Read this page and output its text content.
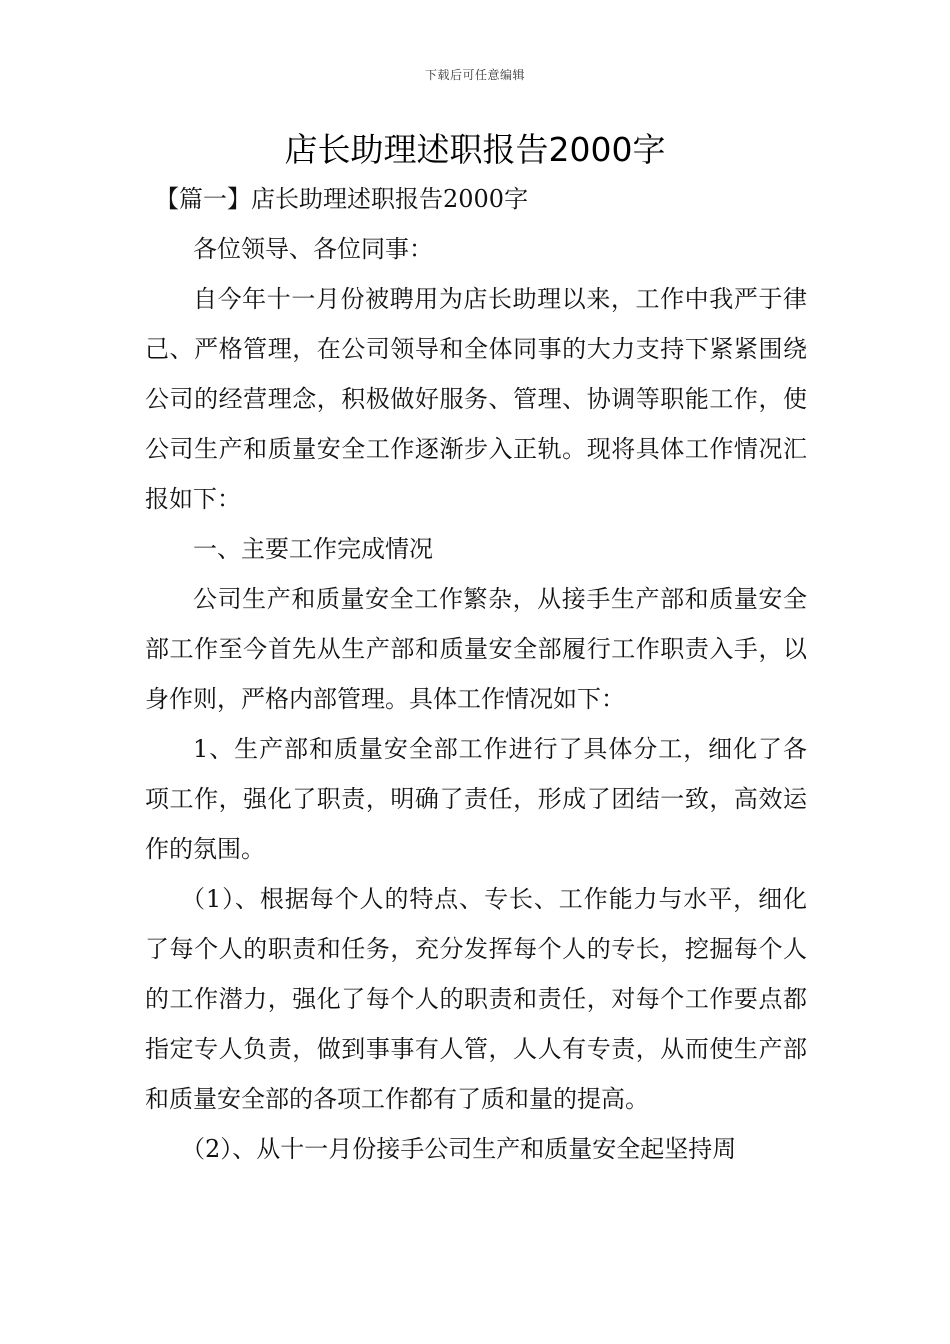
下载后可任意编辑
店长助理述职报告2000字

【篇一】店长助理述职报告2000字

各位领导、各位同事：

自今年十一月份被聘用为店长助理以来，工作中我严于律己、严格管理，在公司领导和全体同事的大力支持下紧紧围绕公司的经营理念，积极做好服务、管理、协调等职能工作，使公司生产和质量安全工作逐渐步入正轨。现将具体工作情况汇报如下：

一、主要工作完成情况

公司生产和质量安全工作繁杂，从接手生产部和质量安全部工作至今首先从生产部和质量安全部履行工作职责入手，以身作则，严格内部管理。具体工作情况如下：

1、生产部和质量安全部工作进行了具体分工，细化了各项工作，强化了职责，明确了责任，形成了团结一致，高效运作的氛围。

（1）、根据每个人的特点、专长、工作能力与水平，细化了每个人的职责和任务，充分发挥每个人的专长，挖掘每个人的工作潜力，强化了每个人的职责和责任，对每个工作要点都指定专人负责，做到事事有人管，人人有专责，从而使生产部和质量安全部的各项工作都有了质和量的提高。

（2）、从十一月份接手公司生产和质量安全起坚持周
